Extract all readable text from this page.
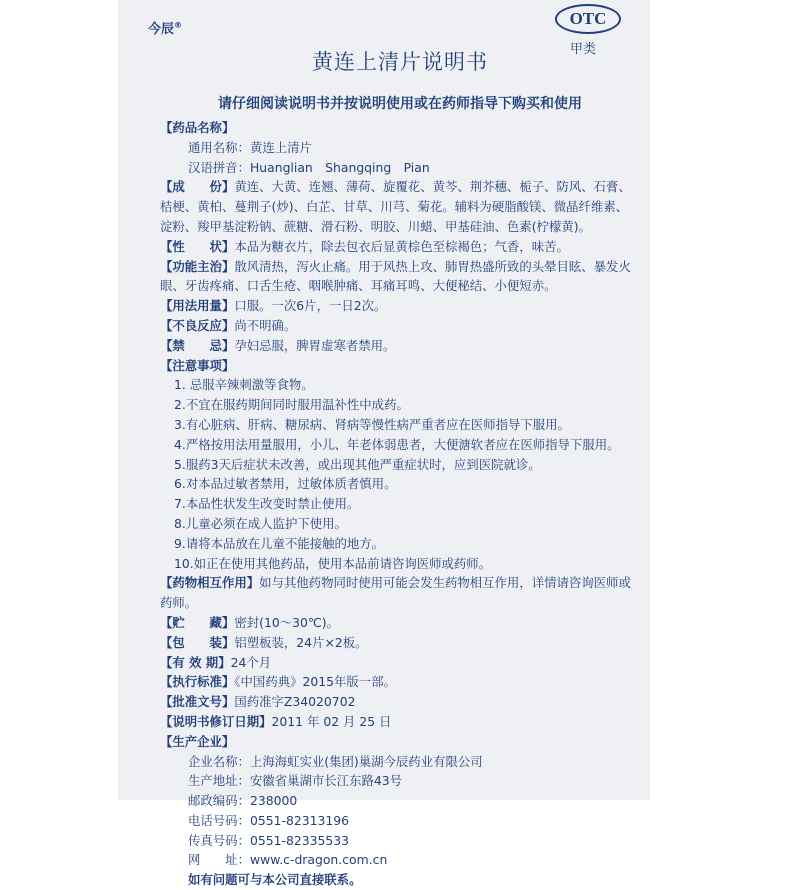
今辰®	OTC
甲类
黄连上清片说明书
请仔细阅读说明书并按说明使用或在药师指导下购买和使用

【药品名称】

通用名称：黄连上清片

汉语拼音：Huanglian　Shangqing　Pian

【成　　份】黄连、大黄、连翘、薄荷、旋覆花、黄芩、荆芥穗、栀子、防风、石膏、桔梗、黄柏、蔓荆子(炒)、白芷、甘草、川芎、菊花。辅料为硬脂酸镁、微晶纤维素、淀粉、羧甲基淀粉钠、蔗糖、滑石粉、明胶、川蜡、甲基硅油、色素(柠檬黄)。

【性　　状】本品为糖衣片，除去包衣后显黄棕色至棕褐色；气香，味苦。

【功能主治】散风清热，泻火止痛。用于风热上攻、肺胃热盛所致的头晕目眩、暴发火眼、牙齿疼痛、口舌生疮、咽喉肿痛、耳痛耳鸣、大便秘结、小便短赤。

【用法用量】口服。一次6片，一日2次。

【不良反应】尚不明确。

【禁　　忌】孕妇忌服，脾胃虚寒者禁用。

【注意事项】

1. 忌服辛辣刺激等食物。

2.不宜在服药期间同时服用温补性中成药。

3.有心脏病、肝病、糖尿病、肾病等慢性病严重者应在医师指导下服用。

4.严格按用法用量服用，小儿、年老体弱患者，大便溏软者应在医师指导下服用。

5.服药3天后症状未改善，或出现其他严重症状时，应到医院就诊。

6.对本品过敏者禁用，过敏体质者慎用。

7.本品性状发生改变时禁止使用。

8.儿童必须在成人监护下使用。

9.请将本品放在儿童不能接触的地方。

10.如正在使用其他药品，使用本品前请咨询医师或药师。

【药物相互作用】如与其他药物同时使用可能会发生药物相互作用，详情请咨询医师或药师。

【贮　　藏】密封(10～30℃)。

【包　　装】铝塑板装，24片×2板。

【有 效 期】24个月

【执行标准】《中国药典》2015年版一部。

【批准文号】国药准字Z34020702

【说明书修订日期】2011 年 02 月 25 日

【生产企业】

企业名称：上海海虹实业(集团)巢湖今辰药业有限公司

生产地址：安徽省巢湖市长江东路43号

邮政编码：238000

电话号码：0551-82313196

传真号码：0551-82335533

网　　址：www.c-dragon.com.cn

如有问题可与本公司直接联系。
